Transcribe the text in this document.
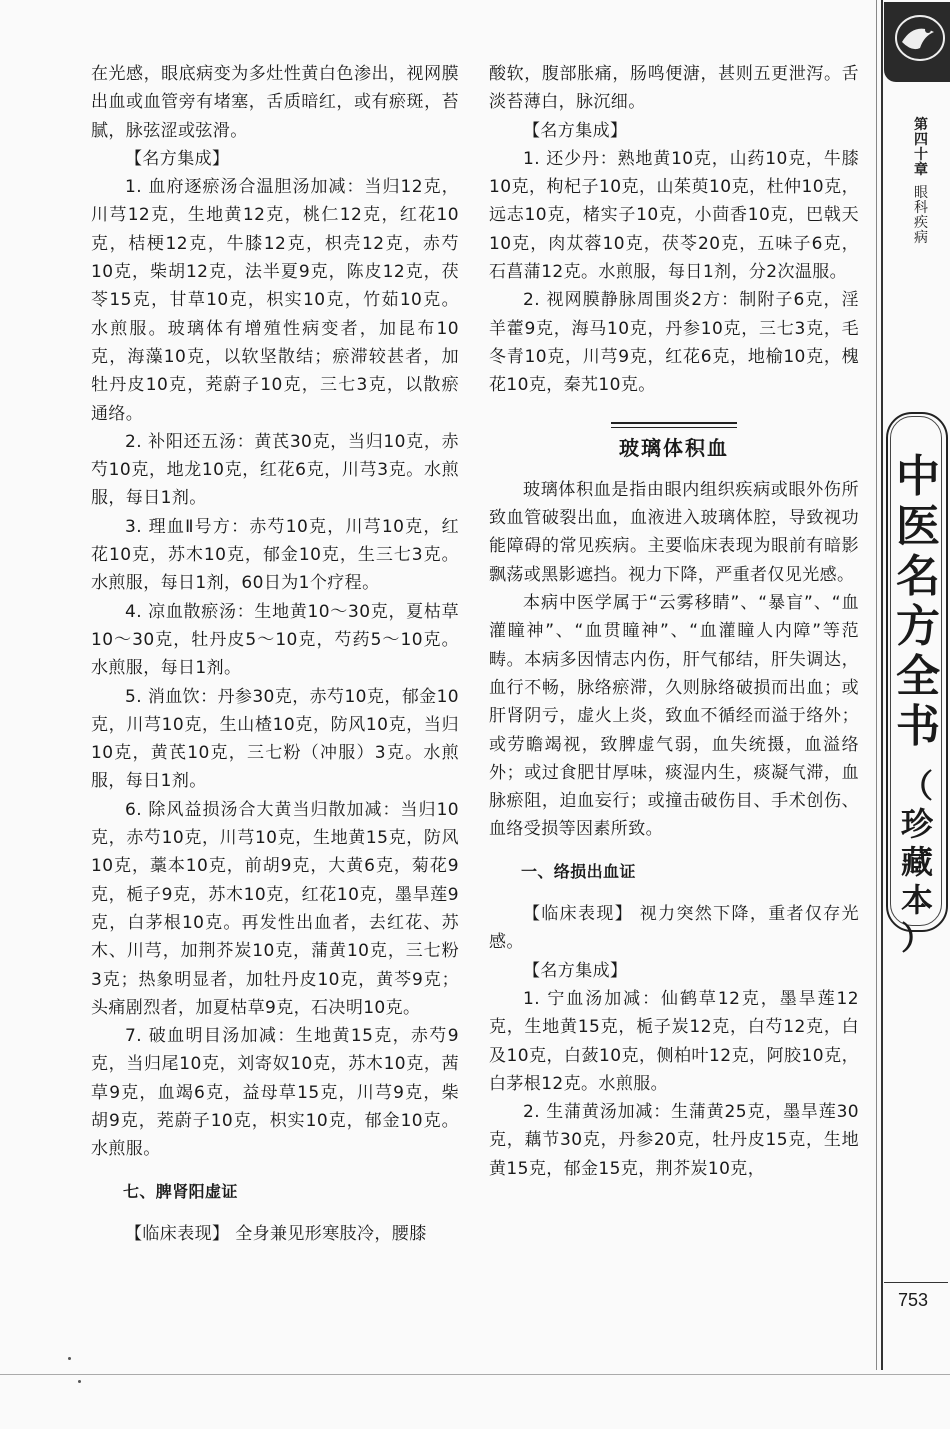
在光感，眼底病变为多灶性黄白色渗出，视网膜出血或血管旁有堵塞，舌质暗红，或有瘀斑，苔腻，脉弦涩或弦滑。

【名方集成】

1. 血府逐瘀汤合温胆汤加减：当归12克，川芎12克，生地黄12克，桃仁12克，红花10克，桔梗12克，牛膝12克，枳壳12克，赤芍10克，柴胡12克，法半夏9克，陈皮12克，茯苓15克，甘草10克，枳实10克，竹茹10克。水煎服。玻璃体有增殖性病变者，加昆布10克，海藻10克，以软坚散结；瘀滞较甚者，加牡丹皮10克，茺蔚子10克，三七3克，以散瘀通络。

2. 补阳还五汤：黄芪30克，当归10克，赤芍10克，地龙10克，红花6克，川芎3克。水煎服，每日1剂。

3. 理血Ⅱ号方：赤芍10克，川芎10克，红花10克，苏木10克，郁金10克，生三七3克。水煎服，每日1剂，60日为1个疗程。

4. 凉血散瘀汤：生地黄10～30克，夏枯草10～30克，牡丹皮5～10克，芍药5～10克。水煎服，每日1剂。

5. 消血饮：丹参30克，赤芍10克，郁金10克，川芎10克，生山楂10克，防风10克，当归10克，黄芪10克，三七粉（冲服）3克。水煎服，每日1剂。

6. 除风益损汤合大黄当归散加减：当归10克，赤芍10克，川芎10克，生地黄15克，防风10克，藁本10克，前胡9克，大黄6克，菊花9克，栀子9克，苏木10克，红花10克，墨旱莲9克，白茅根10克。再发性出血者，去红花、苏木、川芎，加荆芥炭10克，蒲黄10克，三七粉3克；热象明显者，加牡丹皮10克，黄芩9克；头痛剧烈者，加夏枯草9克，石决明10克。

7. 破血明目汤加减：生地黄15克，赤芍9克，当归尾10克，刘寄奴10克，苏木10克，茜草9克，血竭6克，益母草15克，川芎9克，柴胡9克，茺蔚子10克，枳实10克，郁金10克。水煎服。

七、脾肾阳虚证

【临床表现】 全身兼见形寒肢冷，腰膝

酸软，腹部胀痛，肠鸣便溏，甚则五更泄泻。舌淡苔薄白，脉沉细。

【名方集成】

1. 还少丹：熟地黄10克，山药10克，牛膝10克，枸杞子10克，山茱萸10克，杜仲10克，远志10克，楮实子10克，小茴香10克，巴戟天10克，肉苁蓉10克，茯苓20克，五味子6克，石菖蒲12克。水煎服，每日1剂，分2次温服。

2. 视网膜静脉周围炎2方：制附子6克，淫羊藿9克，海马10克，丹参10克，三七3克，毛冬青10克，川芎9克，红花6克，地榆10克，槐花10克，秦艽10克。

玻璃体积血

玻璃体积血是指由眼内组织疾病或眼外伤所致血管破裂出血，血液进入玻璃体腔，导致视功能障碍的常见疾病。主要临床表现为眼前有暗影飘荡或黑影遮挡。视力下降，严重者仅见光感。

本病中医学属于“云雾移睛”、“暴盲”、“血灌瞳神”、“血贯瞳神”、“血灌瞳人内障”等范畴。本病多因情志内伤，肝气郁结，肝失调达，血行不畅，脉络瘀滞，久则脉络破损而出血；或肝肾阴亏，虚火上炎，致血不循经而溢于络外；或劳瞻竭视，致脾虚气弱，血失统摄，血溢络外；或过食肥甘厚味，痰湿内生，痰凝气滞，血脉瘀阻，迫血妄行；或撞击破伤目、手术创伤、血络受损等因素所致。

一、络损出血证

【临床表现】 视力突然下降，重者仅存光感。

【名方集成】

1. 宁血汤加减：仙鹤草12克，墨旱莲12克，生地黄15克，栀子炭12克，白芍12克，白及10克，白蔹10克，侧柏叶12克，阿胶10克，白茅根12克。水煎服。

2. 生蒲黄汤加减：生蒲黄25克，墨旱莲30克，藕节30克，丹参20克，牡丹皮15克，生地黄15克，郁金15克，荆芥炭10克，

第
四
十
章
眼
科
疾
病
中
医
名
方
全
书
（
珍
藏
本
）
753
